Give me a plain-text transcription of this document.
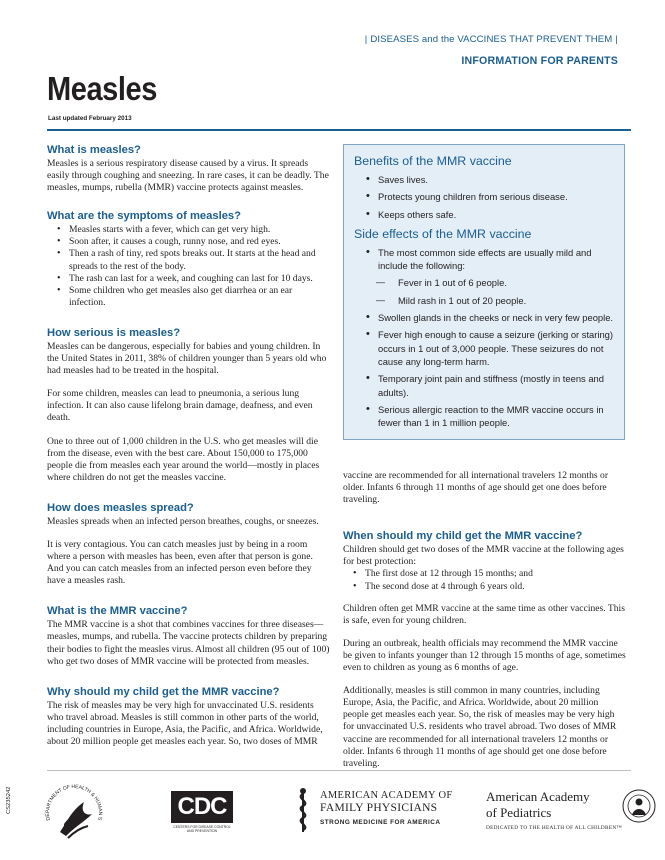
| DISEASES and the VACCINES THAT PREVENT THEM |
INFORMATION FOR PARENTS
Measles
Last updated February 2013
What is measles?

Measles is a serious respiratory disease caused by a virus. It spreads easily through coughing and sneezing. In rare cases, it can be deadly. The measles, mumps, rubella (MMR) vaccine protects against measles.

What are the symptoms of measles?
• Measles starts with a fever, which can get very high.
• Soon after, it causes a cough, runny nose, and red eyes.
• Then a rash of tiny, red spots breaks out. It starts at the head and spreads to the rest of the body.
• The rash can last for a week, and coughing can last for 10 days.
• Some children who get measles also get diarrhea or an ear infection.
How serious is measles?

Measles can be dangerous, especially for babies and young children. In the United States in 2011, 38% of children younger than 5 years old who had measles had to be treated in the hospital.

For some children, measles can lead to pneumonia, a serious lung infection. It can also cause lifelong brain damage, deafness, and even death.

One to three out of 1,000 children in the U.S. who get measles will die from the disease, even with the best care. About 150,000 to 175,000 people die from measles each year around the world—mostly in places where children do not get the measles vaccine.

How does measles spread?

Measles spreads when an infected person breathes, coughs, or sneezes.

It is very contagious. You can catch measles just by being in a room where a person with measles has been, even after that person is gone. And you can catch measles from an infected person even before they have a measles rash.

What is the MMR vaccine?

The MMR vaccine is a shot that combines vaccines for three diseases—measles, mumps, and rubella. The vaccine protects children by preparing their bodies to fight the measles virus. Almost all children (95 out of 100) who get two doses of MMR vaccine will be protected from measles.

Why should my child get the MMR vaccine?

The risk of measles may be very high for unvaccinated U.S. residents who travel abroad. Measles is still common in other parts of the world, including countries in Europe, Asia, the Pacific, and Africa. Worldwide, about 20 million people get measles each year. So, two doses of MMR

Benefits of the MMR vaccine
• Saves lives.
• Protects young children from serious disease.
• Keeps others safe.
Side effects of the MMR vaccine
• The most common side effects are usually mild and include the following:
— Fever in 1 out of 6 people.
— Mild rash in 1 out of 20 people.
• Swollen glands in the cheeks or neck in very few people.
• Fever high enough to cause a seizure (jerking or staring) occurs in 1 out of 3,000 people. These seizures do not cause any long-term harm.
• Temporary joint pain and stiffness (mostly in teens and adults).
• Serious allergic reaction to the MMR vaccine occurs in fewer than 1 in 1 million people.

vaccine are recommended for all international travelers 12 months or older. Infants 6 through 11 months of age should get one does before traveling.

When should my child get the MMR vaccine?

Children should get two doses of the MMR vaccine at the following ages for best protection:

• The first dose at 12 through 15 months; and
• The second dose at 4 through 6 years old.

Children often get MMR vaccine at the same time as other vaccines. This is safe, even for young children.

During an outbreak, health officials may recommend the MMR vaccine be given to infants younger than 12 through 15 months of age, sometimes even to children as young as 6 months of age.

Additionally, measles is still common in many countries, including Europe, Asia, the Pacific, and Africa. Worldwide, about 20 million people get measles each year. So, the risk of measles may be very high for unvaccinated U.S. residents who travel abroad. Two doses of MMR vaccine are recommended for all international travelers 12 months or older. Infants 6 through 11 months of age should get one dose before traveling.

CS235242
DEPARTMENT OF HEALTH & HUMAN S	CDC
CENTERS FOR DISEASE CONTROL AND PREVENTION
AMERICAN ACADEMY OF
FAMILY PHYSICIANS
STRONG MEDICINE FOR AMERICA
American Academy
of Pediatrics
DEDICATED TO THE HEALTH OF ALL CHILDREN™
